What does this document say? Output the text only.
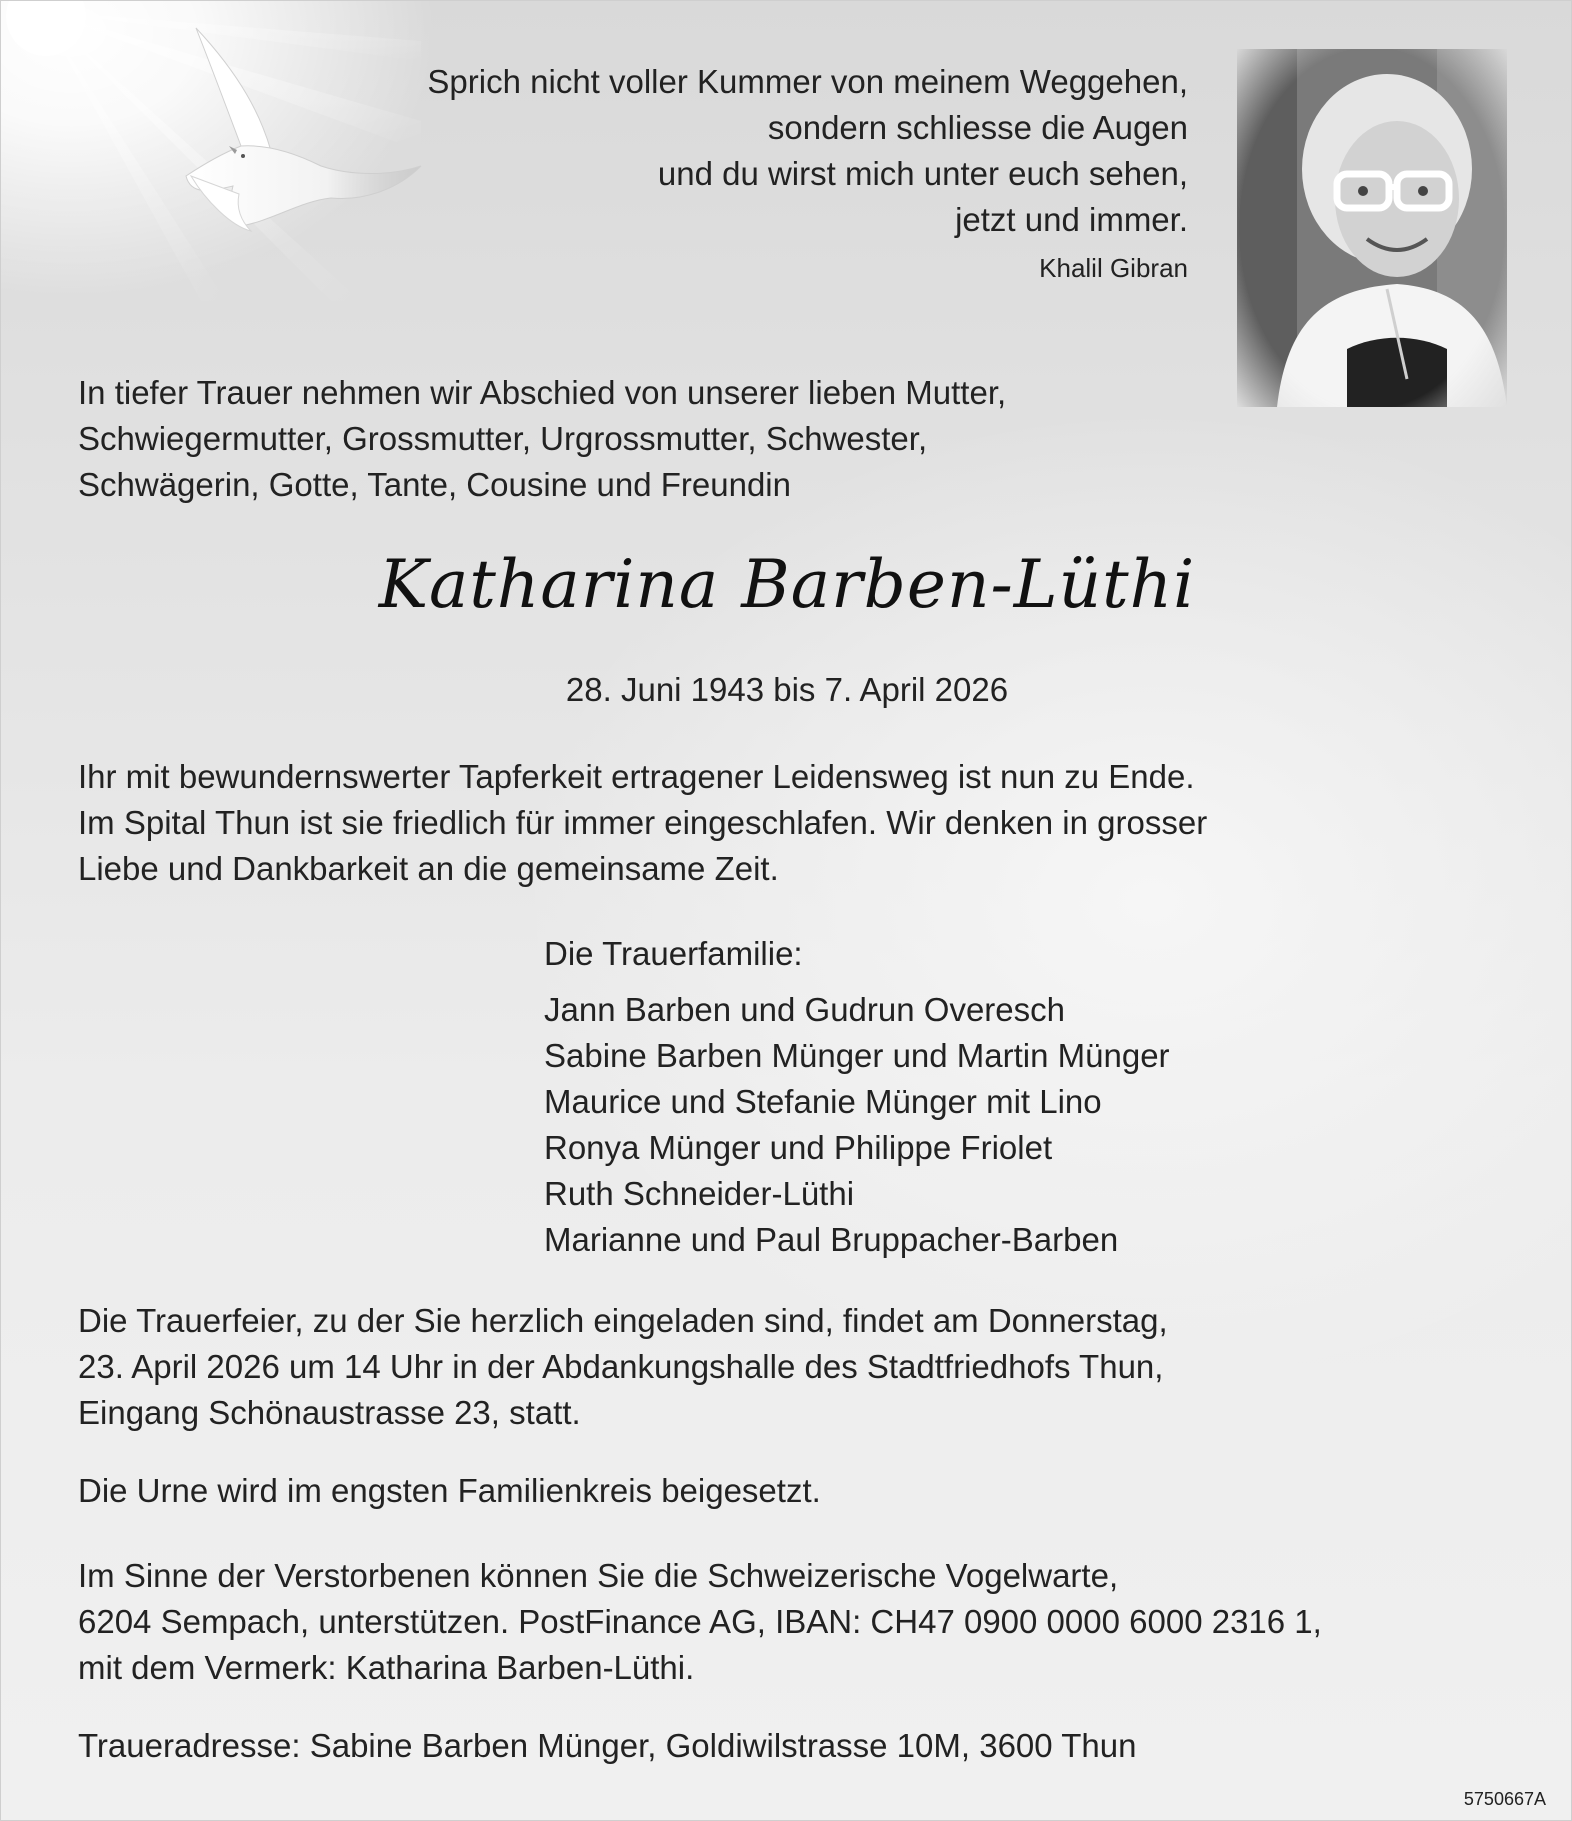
Sprich nicht voller Kummer von meinem Weggehen,
sondern schliesse die Augen
und du wirst mich unter euch sehen,
jetzt und immer.
Khalil Gibran
In tiefer Trauer nehmen wir Abschied von unserer lieben Mutter,
Schwiegermutter, Grossmutter, Urgrossmutter, Schwester,
Schwägerin, Gotte, Tante, Cousine und Freundin
Katharina Barben-Lüthi
28. Juni 1943 bis 7. April 2026
Ihr mit bewundernswerter Tapferkeit ertragener Leidensweg ist nun zu Ende.
Im Spital Thun ist sie friedlich für immer eingeschlafen. Wir denken in grosser
Liebe und Dankbarkeit an die gemeinsame Zeit.
Die Trauerfamilie:
Jann Barben und Gudrun Overesch
Sabine Barben Münger und Martin Münger
Maurice und Stefanie Münger mit Lino
Ronya Münger und Philippe Friolet
Ruth Schneider-Lüthi
Marianne und Paul Bruppacher-Barben
Die Trauerfeier, zu der Sie herzlich eingeladen sind, findet am Donnerstag,
23. April 2026 um 14 Uhr in der Abdankungshalle des Stadtfriedhofs Thun,
Eingang Schönaustrasse 23, statt.
Die Urne wird im engsten Familienkreis beigesetzt.
Im Sinne der Verstorbenen können Sie die Schweizerische Vogelwarte,
6204 Sempach, unterstützen. PostFinance AG, IBAN: CH47 0900 0000 6000 2316 1,
mit dem Vermerk: Katharina Barben-Lüthi.
Traueradresse: Sabine Barben Münger, Goldiwilstrasse 10M, 3600 Thun
5750667A
